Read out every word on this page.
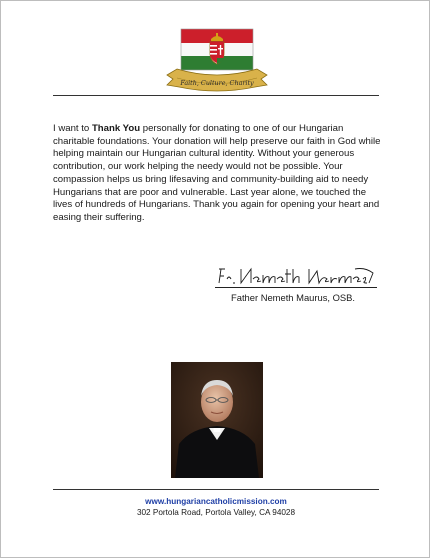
Faith, Culture, Charity

I want to Thank You personally for donating to one of our Hungarian charitable foundations. Your donation will help preserve our faith in God while helping maintain our Hungarian cultural identity. Without your generous contribution, our work helping the needy would not be possible. Your compassion helps us bring lifesaving and community-building aid to needy Hungarians that are poor and vulnerable. Last year alone, we touched the lives of hundreds of Hungarians. Thank you again for opening your heart and easing their suffering.

Father Nemeth Maurus, OSB.
www.hungariancatholicmission.com
302 Portola Road, Portola Valley, CA 94028
